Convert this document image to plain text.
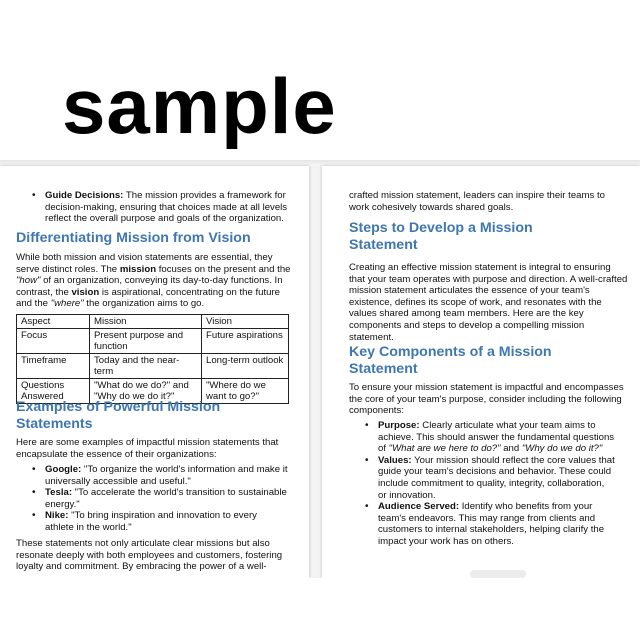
sample
• Guide Decisions: The mission provides a framework for decision-making, ensuring that choices made at all levels reflect the overall purpose and goals of the organization.
Differentiating Mission from Vision

While both mission and vision statements are essential, they serve distinct roles. The mission focuses on the present and the "how" of an organization, conveying its day-to-day functions. In contrast, the vision is aspirational, concentrating on the future and the "where" the organization aims to go.

Aspect	Mission	Vision
Focus	Present purpose and function	Future aspirations
Timeframe	Today and the near-term	Long-term outlook
Questions Answered	"What do we do?" and "Why do we do it?"	"Where do we want to go?"
Examples of Powerful Mission Statements

Here are some examples of impactful mission statements that encapsulate the essence of their organizations:

• Google: "To organize the world's information and make it universally accessible and useful."
• Tesla: "To accelerate the world's transition to sustainable energy."
• Nike: "To bring inspiration and innovation to every athlete in the world."

These statements not only articulate clear missions but also resonate deeply with both employees and customers, fostering loyalty and commitment. By embracing the power of a well-

crafted mission statement, leaders can inspire their teams to work cohesively towards shared goals.

Steps to Develop a Mission Statement

Creating an effective mission statement is integral to ensuring that your team operates with purpose and direction. A well-crafted mission statement articulates the essence of your team's existence, defines its scope of work, and resonates with the values shared among team members. Here are the key components and steps to develop a compelling mission statement.

Key Components of a Mission Statement

To ensure your mission statement is impactful and encompasses the core of your team's purpose, consider including the following components:

• Purpose: Clearly articulate what your team aims to achieve. This should answer the fundamental questions of "What are we here to do?" and "Why do we do it?"
• Values: Your mission should reflect the core values that guide your team's decisions and behavior. These could include commitment to quality, integrity, collaboration, or innovation.
• Audience Served: Identify who benefits from your team's endeavors. This may range from clients and customers to internal stakeholders, helping clarify the impact your work has on others.
